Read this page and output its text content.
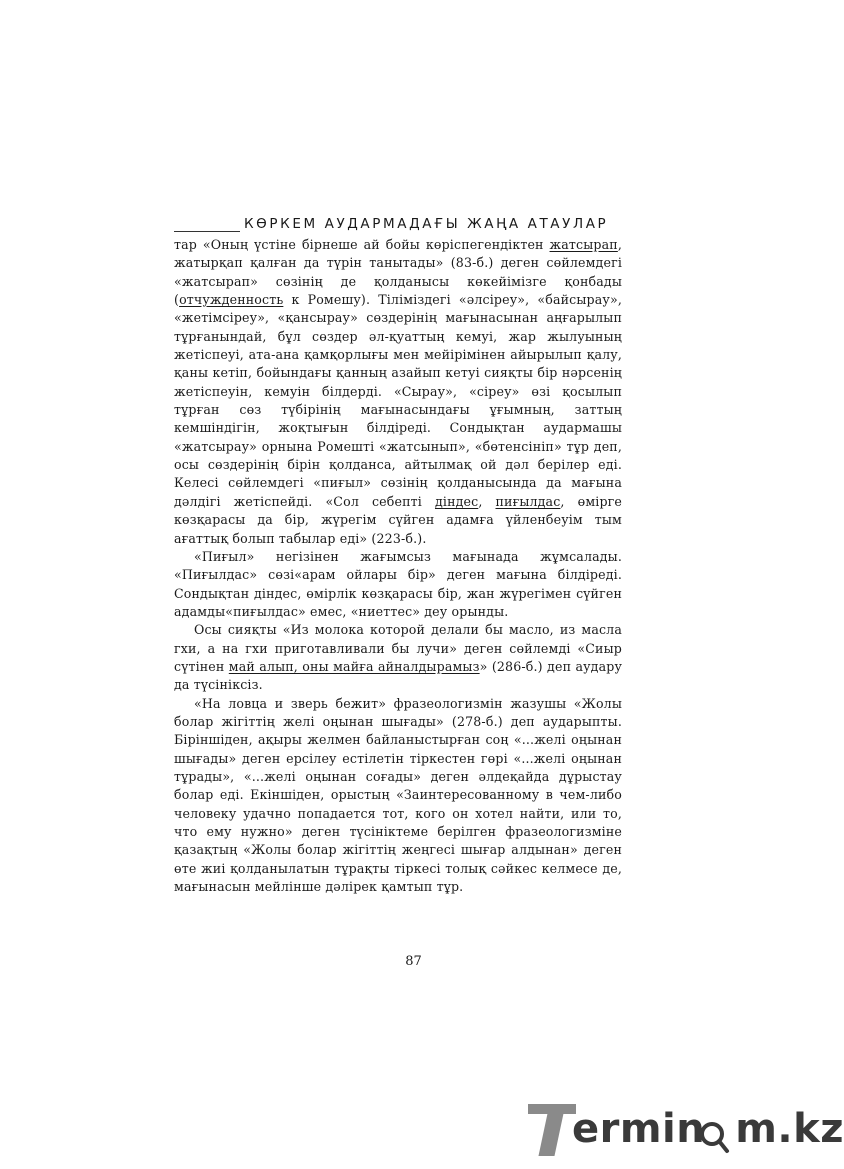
КӨРКЕМ АУДАРМАДАҒЫ ЖАҢА АТАУЛАР

тар «Оның үстіне бірнеше ай бойы көріспегендіктен жатсырап, жатырқап қалған да түрін танытады» (83-б.) деген сөйлемдегі «жатсырап» сөзінің де қолданысы көкейімізге қонбады (отчужденность к Ромешу). Тіліміздегі «әлсіреу», «байсырау», «жетімсіреу», «қансырау» сөздерінің мағынасынан аңғарылып тұрғанындай, бұл сөздер әл-қуаттың кемуі, жар жылуының жетіспеуі, ата-ана қамқорлығы мен мейірімінен айырылып қалу, қаны кетіп, бойындағы қанның азайып кетуі сияқты бір нәрсенің жетіспеуін, кемуін білдерді. «Сырау», «сіреу» өзі қосылып тұрған сөз түбірінің мағынасындағы ұғымның, заттың кемшіндігін, жоқтығын білдіреді. Сондықтан аудармашы «жатсырау» орнына Ромешті «жатсынып», «бөтенсініп» тұр деп, осы сөздерінің бірін қолданса, айтылмақ ой дәл берілер еді. Келесі сөйлемдегі «пиғыл» сөзінің қолданысында да мағына дәлдігі жетіспейді. «Сол себепті діндес, пиғылдас, өмірге көзқарасы да бір, жүрегім сүйген адамға үйленбеуім тым ағаттық болып табылар еді» (223-б.).

«Пиғыл» негізінен жағымсыз мағынада жұмсалады. «Пиғылдас» сөзі«арам ойлары бір» деген мағына білдіреді. Сондықтан діндес, өмірлік көзқарасы бір, жан жүрегімен сүйген адамды«пиғылдас» емес, «ниеттес» деу орынды.

Осы сияқты «Из молока которой делали бы масло, из масла гхи, а на гхи приготавливали бы лучи» деген сөйлемді «Сиыр сүтінен май алып, оны майға айналдырамыз» (286-б.) деп аудару да түсініксіз.

«На ловца и зверь бежит» фразеологизмін жазушы «Жолы болар жігіттің желі оңынан шығады» (278-б.) деп аударыпты. Біріншіден, ақыры желмен байланыстырған соң «...желі оңынан шығады» деген ерсілеу естілетін тіркестен гөрі «...желі оңынан тұрады», «...желі оңынан соғады» деген әлдеқайда дұрыстау болар еді. Екіншіден, орыстың «Заинтересованному в чем-либо человеку удачно попадается тот, кого он хотел найти, или то, что ему нужно» деген түсініктеме берілген фразеологизміне қазақтың «Жолы болар жігіттің жеңгесі шығар алдынан» деген өте жиі қолданылатын тұрақты тіркесі толық сәйкес келмесе де, мағынасын мейлінше дәлірек қамтып тұр.

87
ermin m.kz
